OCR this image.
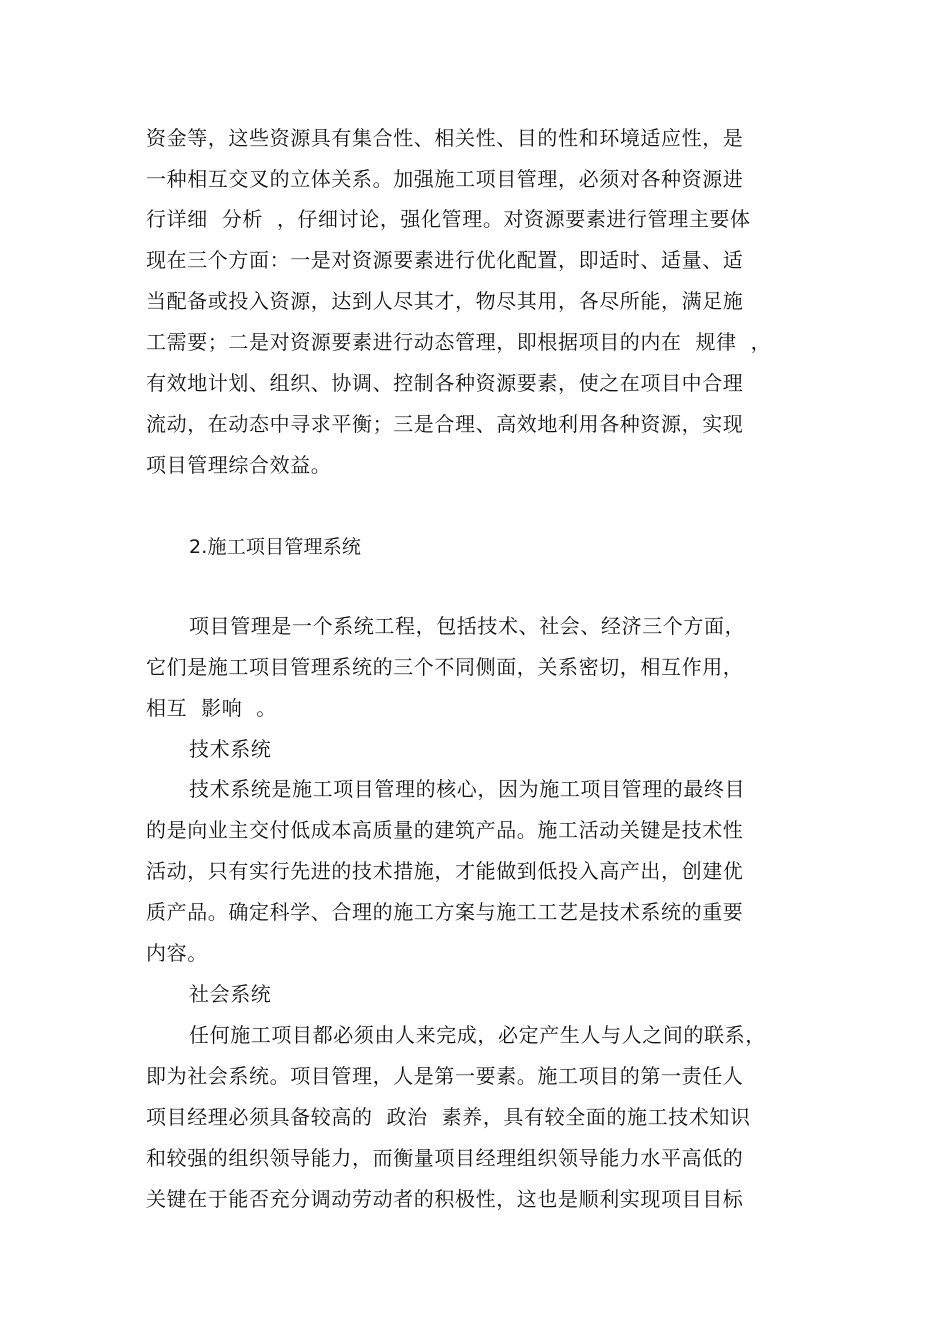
资金等，这些资源具有集合性、相关性、目的性和环境适应性，是
一种相互交叉的立体关系。加强施工项目管理，必须对各种资源进
行详细  分析  ，仔细讨论，强化管理。对资源要素进行管理主要体
现在三个方面：一是对资源要素进行优化配置，即适时、适量、适
当配备或投入资源，达到人尽其才，物尽其用，各尽所能，满足施
工需要；二是对资源要素进行动态管理，即根据项目的内在  规律  ，
有效地计划、组织、协调、控制各种资源要素，使之在项目中合理
流动，在动态中寻求平衡；三是合理、高效地利用各种资源，实现
项目管理综合效益。
2.施工项目管理系统
项目管理是一个系统工程，包括技术、社会、经济三个方面，
它们是施工项目管理系统的三个不同侧面，关系密切，相互作用，
相互  影响  。
技术系统
技术系统是施工项目管理的核心，因为施工项目管理的最终目
的是向业主交付低成本高质量的建筑产品。施工活动关键是技术性
活动，只有实行先进的技术措施，才能做到低投入高产出，创建优
质产品。确定科学、合理的施工方案与施工工艺是技术系统的重要
内容。
社会系统
任何施工项目都必须由人来完成，必定产生人与人之间的联系，
即为社会系统。项目管理，人是第一要素。施工项目的第一责任人
项目经理必须具备较高的  政治  素养，具有较全面的施工技术知识
和较强的组织领导能力，而衡量项目经理组织领导能力水平高低的
关键在于能否充分调动劳动者的积极性，这也是顺利实现项目目标
